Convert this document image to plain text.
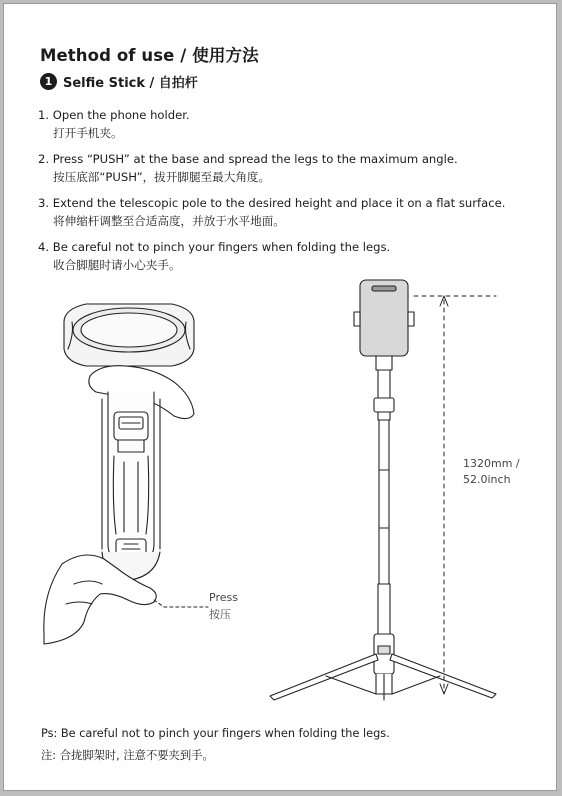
Method of use / 使用方法
1 Selfie Stick / 自拍杆
1. Open the phone holder.
打开手机夹。
2. Press “PUSH” at the base and spread the legs to the maximum angle.
按压底部“PUSH”，拔开脚腿至最大角度。
3. Extend the telescopic pole to the desired height and place it on a flat surface.
将伸缩杆调整至合适高度，并放于水平地面。
4. Be careful not to pinch your fingers when folding the legs.
收合脚腿时请小心夹手。
Press
按压
1320mm /
52.0inch
Ps: Be careful not to pinch your fingers when folding the legs.
注: 合拢脚架时, 注意不要夹到手。
